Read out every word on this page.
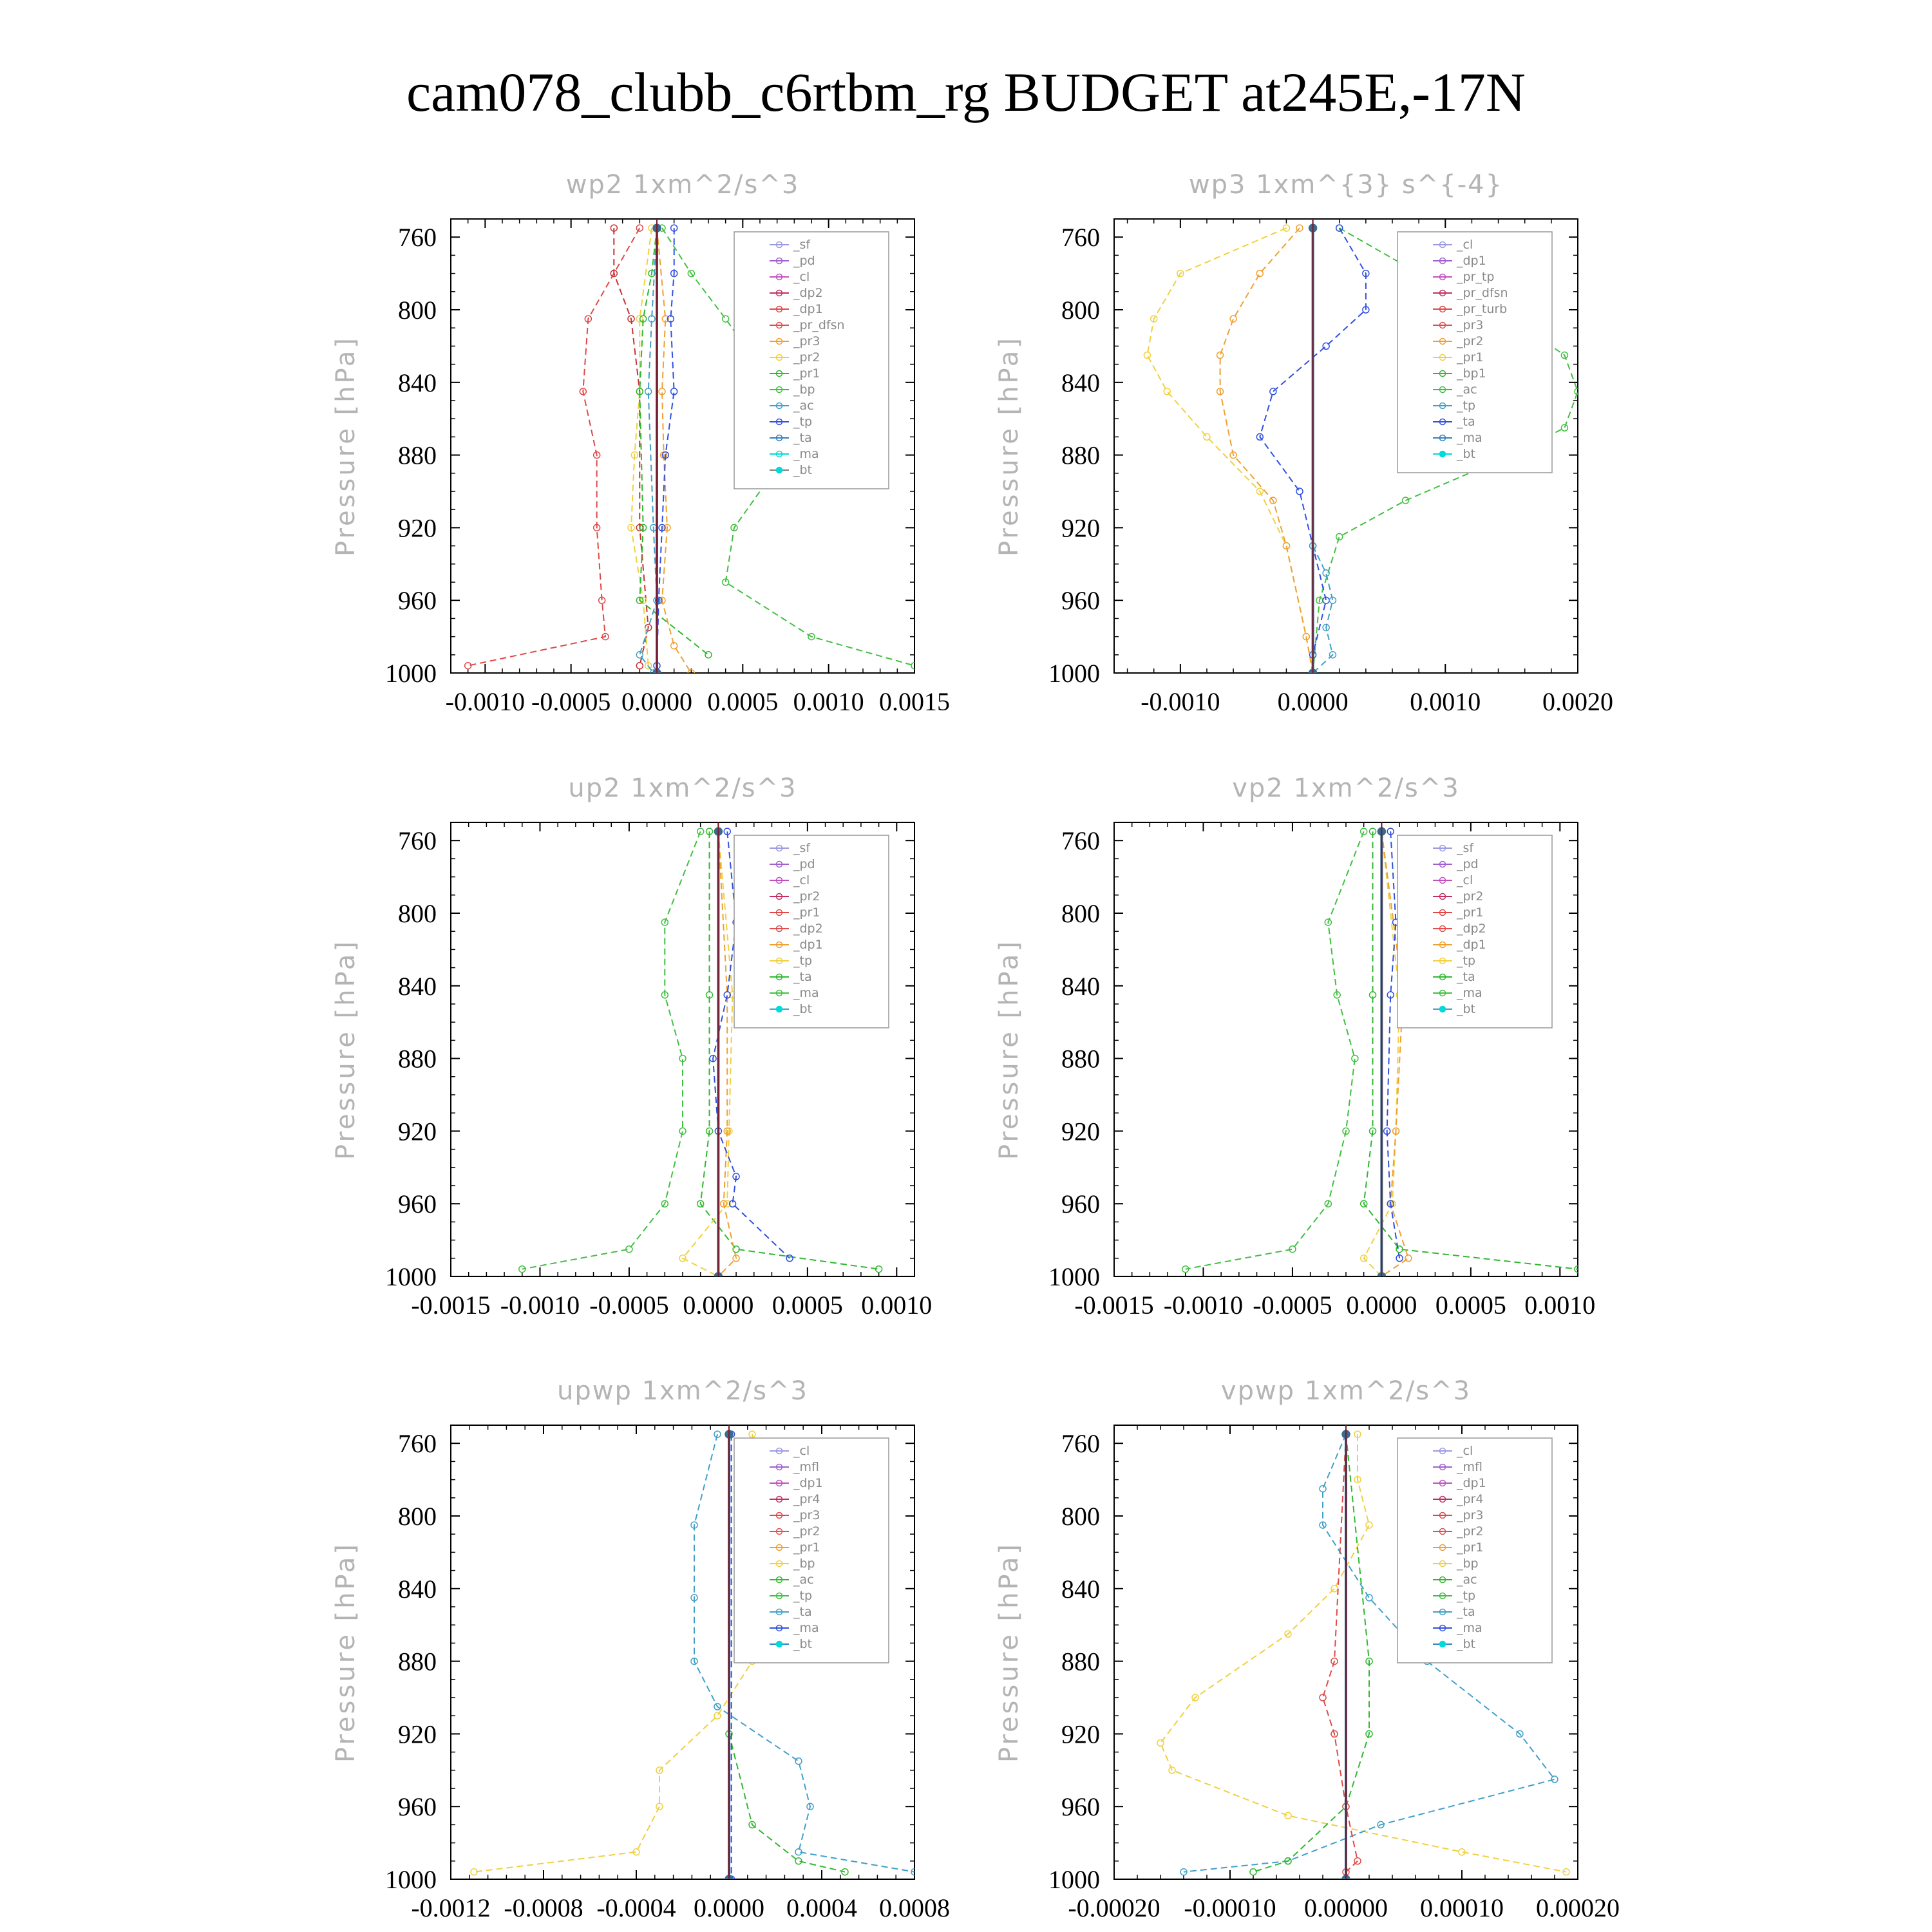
cam078_clubb_c6rtbm_rg BUDGET at245E,-17N
wp2 1xm^2/s^3
Pressure [hPa]
760
800
840
880
920
960
1000
-0.0010 -0.0005 0.0000 0.0005 0.0010 0.0015
_sf
_pd
_cl
_dp2
_dp1
_pr_dfsn
_pr3
_pr2
_pr1
_bp
_ac
_tp
_ta
_ma
_bt
wp3 1xm^{3} s^{-4}
Pressure [hPa]
760
800
840
880
920
960
1000
-0.0010 0.0000 0.0010 0.0020
_cl
_dp1
_pr_tp
_pr_dfsn
_pr_turb
_pr3
_pr2
_pr1
_bp1
_ac
_tp
_ta
_ma
_bt
up2 1xm^2/s^3
Pressure [hPa]
760
800
840
880
920
960
1000
-0.0015 -0.0010 -0.0005 0.0000 0.0005 0.0010
_sf
_pd
_cl
_pr2
_pr1
_dp2
_dp1
_tp
_ta
_ma
_bt
vp2 1xm^2/s^3
Pressure [hPa]
760
800
840
880
920
960
1000
-0.0015 -0.0010 -0.0005 0.0000 0.0005 0.0010
_sf
_pd
_cl
_pr2
_pr1
_dp2
_dp1
_tp
_ta
_ma
_bt
upwp 1xm^2/s^3
Pressure [hPa]
760
800
840
880
920
960
1000
-0.0012 -0.0008 -0.0004 0.0000 0.0004 0.0008
_cl
_mfl
_dp1
_pr4
_pr3
_pr2
_pr1
_bp
_ac
_tp
_ta
_ma
_bt
vpwp 1xm^2/s^3
Pressure [hPa]
760
800
840
880
920
960
1000
-0.00020 -0.00010 0.00000 0.00010 0.00020
_cl
_mfl
_dp1
_pr4
_pr3
_pr2
_pr1
_bp
_ac
_tp
_ta
_ma
_bt
